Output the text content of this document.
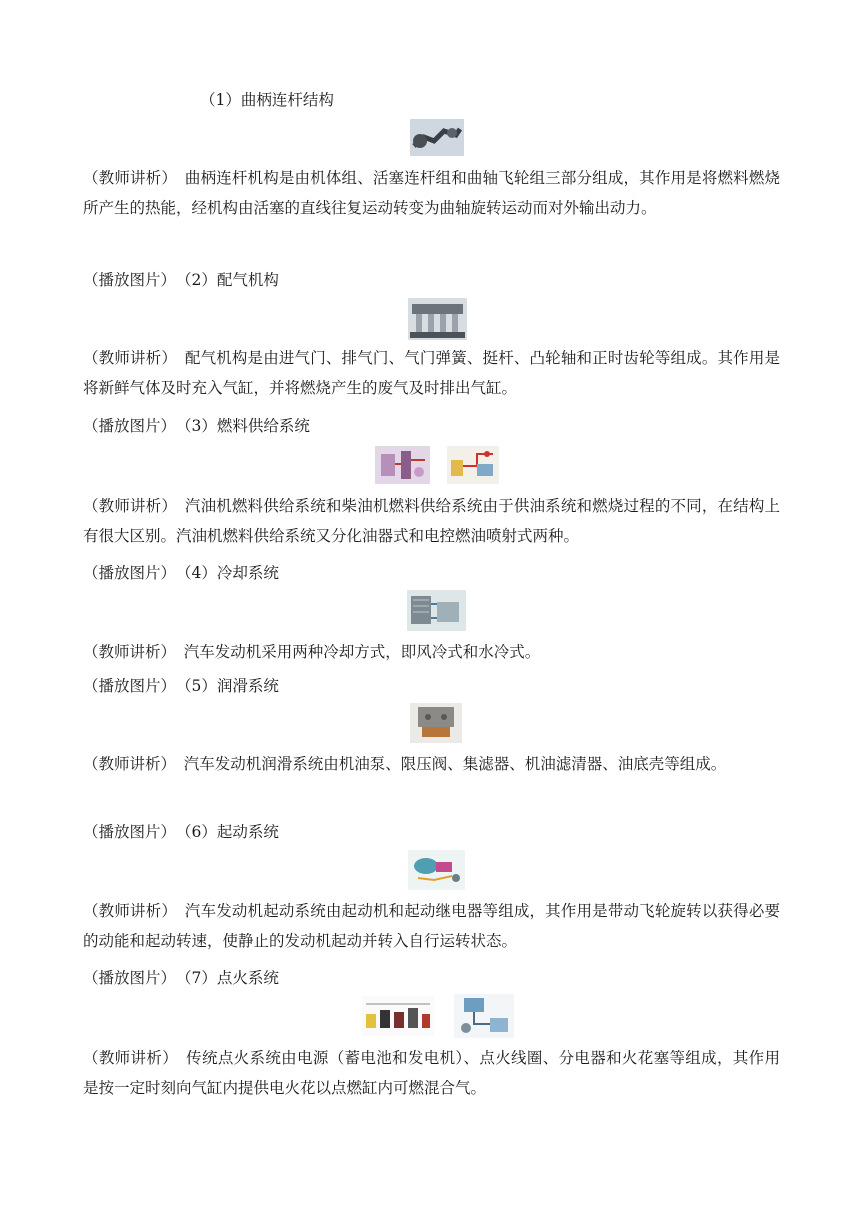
（1）曲柄连杆结构
（教师讲析）　曲柄连杆机构是由机体组、活塞连杆组和曲轴飞轮组三部分组成，其作用是将燃料燃烧所产生的热能，经机构由活塞的直线往复运动转变为曲轴旋转运动而对外输出动力。
（播放图片）　（2）配气机构
（教师讲析）　配气机构是由进气门、排气门、气门弹簧、挺杆、凸轮轴和正时齿轮等组成。其作用是将新鲜气体及时充入气缸，并将燃烧产生的废气及时排出气缸。
（播放图片）　（3）燃料供给系统
（教师讲析）　汽油机燃料供给系统和柴油机燃料供给系统由于供油系统和燃烧过程的不同，在结构上有很大区别。汽油机燃料供给系统又分化油器式和电控燃油喷射式两种。
（播放图片）　（4）冷却系统
（教师讲析）　汽车发动机采用两种冷却方式，即风冷式和水冷式。
（播放图片）　（5）润滑系统
（教师讲析）　汽车发动机润滑系统由机油泵、限压阀、集滤器、机油滤清器、油底壳等组成。
（播放图片）　（6）起动系统
（教师讲析）　汽车发动机起动系统由起动机和起动继电器等组成，其作用是带动飞轮旋转以获得必要的动能和起动转速，使静止的发动机起动并转入自行运转状态。
（播放图片）　（7）点火系统
（教师讲析）　传统点火系统由电源（蓄电池和发电机）、点火线圈、分电器和火花塞等组成，其作用是按一定时刻向气缸内提供电火花以点燃缸内可燃混合气。
